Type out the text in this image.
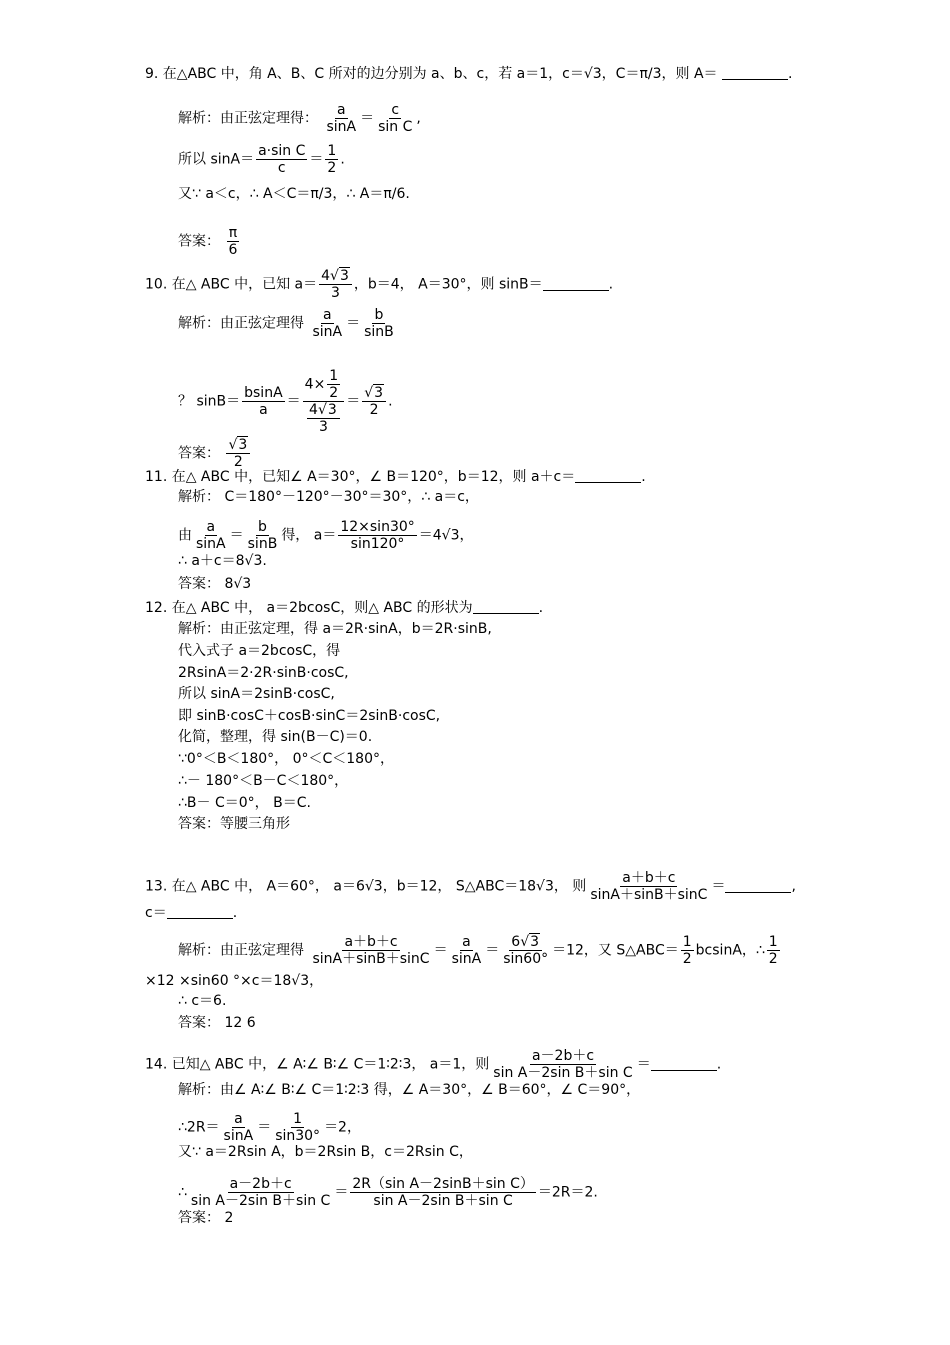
9. 在△ABC 中，角 A、B、C 所对的边分别为 a、b、c，若 a＝1，c＝√3，C＝π/3，则 A＝	.
解析：由正弦定理得： $\frac{a}{\sin A} = \frac{c}{\text{sin C}}$ ,
所以 $\sin A= \frac{\text{a·sin C}}{c} = \frac{1}{2}$ .
又∵ a＜c，∴ A＜C＝π/3，∴ A＝π/6.
答案： $\frac{\pi}{6}$
10. 在△ ABC 中，已知 $a= \frac{4√3}{3}$ ，b＝4， A＝30°，则 sinB＝	.
解析：由正弦定理得 $\frac{a}{\sin A} = \frac{b}{\sin B}$
？ $\sin B= \frac{bsinA}{a} = \frac{4\times \frac{1}{2}}{\frac{4√3}{3}} = \frac{√3}{2}$ .
答案： $\frac{√3}{2}$
11. 在△ ABC 中，已知∠ A＝30°，∠ B＝120°，b＝12，则 a＋c＝	.
解析： C＝180°－120°－30°＝30°，∴ a＝c，
由 $\frac{a}{\sin A} = \frac{b}{\sin B}$ 得， $a= \frac{12\times\sin 30^\circ}{\sin 120^\circ} =4√3$，
∴ a＋c＝8√3.
答案： 8√3
12. 在△ ABC 中， a＝2bcosC，则△ ABC 的形状为	.
解析：由正弦定理，得 a＝2R·sinA，b＝2R·sinB,
代入式子 a＝2bcosC，得
2RsinA＝2·2R·sinB·cosC,
所以 sinA＝2sinB·cosC,
即 sinB·cosC＋cosB·sinC＝2sinB·cosC,
化简，整理，得 sin(B－C)＝0.
∵0°＜B＜180°， 0°＜C＜180°，
∴－ 180°＜B－C＜180°，
∴B－ C＝0°， B＝C.
答案：等腰三角形
13. 在△ ABC 中， A＝60°， a＝6√3，b＝12， S△ABC＝18√3， 则 $\frac{a+b+c}{\sin A+\sin B+\sin C}$ ＝	,
c＝	.
解析：由正弦定理得 $\frac{a+b+c}{\sin A+\sin B+\sin C} = \frac{a}{\sin A} = \frac{6√3}{\sin 60^\circ} =12$，又 S△ABC＝ $\frac{1}{2}$ bcsinA，∴ $\frac{1}{2}$
×12 ×sin60 °×c＝18√3，
∴ c＝6.
答案： 12 6
14. 已知△ ABC 中，∠ A∶∠ B∶∠ C＝1∶2∶3， a＝1，则 $\frac{a-2b+c}{\text{sin A－2sin B＋sin C}}$ ＝	.
解析：由∠ A∶∠ B∶∠ C＝1∶2∶3 得，∠ A＝30°，∠ B＝60°，∠ C＝90°，
∴2R＝ $\frac{a}{\sin A} = \frac{1}{\sin 30^\circ} =2$，
又∵ a＝2Rsin A，b＝2Rsin B，c＝2Rsin C，
∴ $\frac{a-2b+c}{\text{sin A－2sin B＋sin C}} = \frac{\text{2R（sin A－2sinB＋sin C）}}{\text{sin A－2sin B＋sin C}} =2R=2$.
答案： 2
